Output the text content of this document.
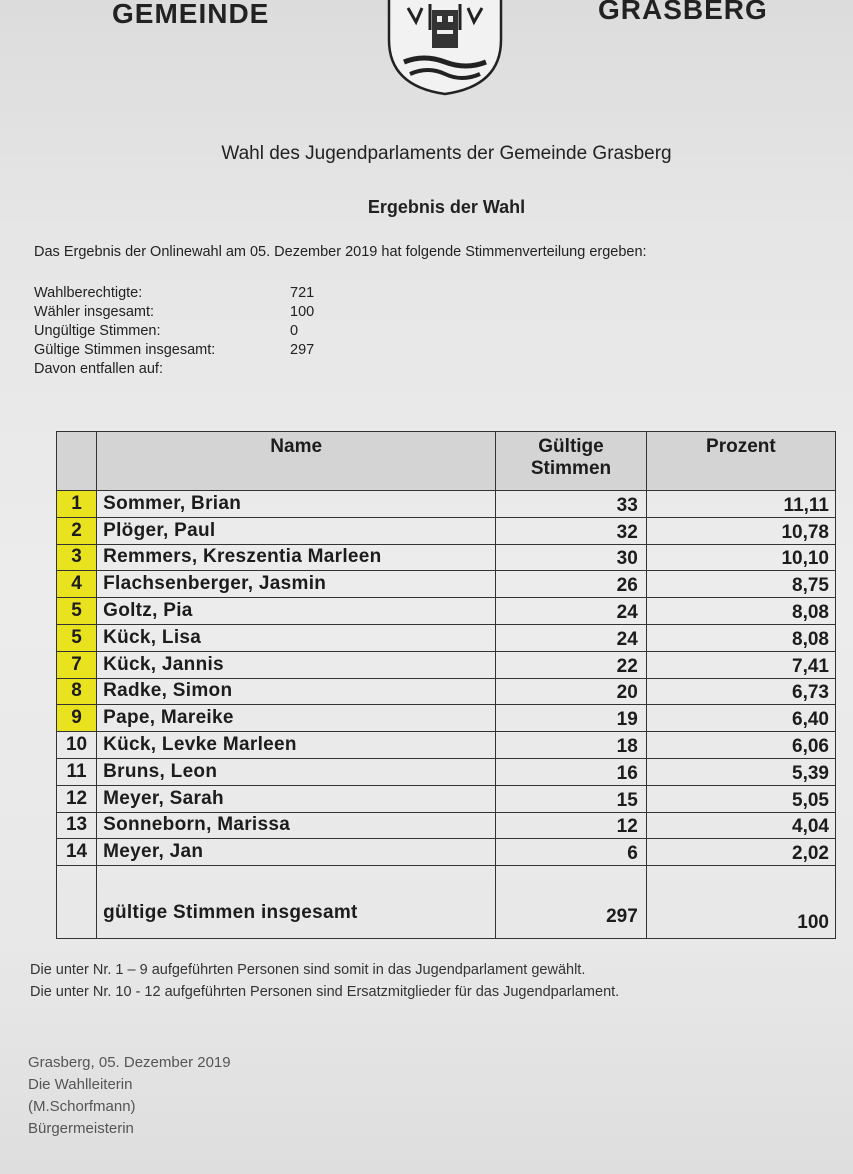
GEMEINDE	GRASBERG
Wahl des Jugendparlaments der Gemeinde Grasberg
Ergebnis der Wahl
Das Ergebnis der Onlinewahl am 05. Dezember 2019 hat folgende Stimmenverteilung ergeben:
Wahlberechtigte:	721
Wähler insgesamt:	100
Ungültige Stimmen:	0
Gültige Stimmen insgesamt:	297
Davon entfallen auf:
	Name	Gültige Stimmen	Prozent
1	Sommer, Brian	33	11,11
2	Plöger, Paul	32	10,78
3	Remmers, Kreszentia Marleen	30	10,10
4	Flachsenberger, Jasmin	26	8,75
5	Goltz, Pia	24	8,08
5	Kück, Lisa	24	8,08
7	Kück, Jannis	22	7,41
8	Radke, Simon	20	6,73
9	Pape, Mareike	19	6,40
10	Kück, Levke Marleen	18	6,06
11	Bruns, Leon	16	5,39
12	Meyer, Sarah	15	5,05
13	Sonneborn, Marissa	12	4,04
14	Meyer, Jan	6	2,02
	gültige Stimmen insgesamt	297	100
Die unter Nr. 1 – 9 aufgeführten Personen sind somit in das Jugendparlament gewählt.
Die unter Nr. 10 - 12 aufgeführten Personen sind Ersatzmitglieder für das Jugendparlament.
Grasberg, 05. Dezember 2019
Die Wahlleiterin
(M.Schorfmann)
Bürgermeisterin
